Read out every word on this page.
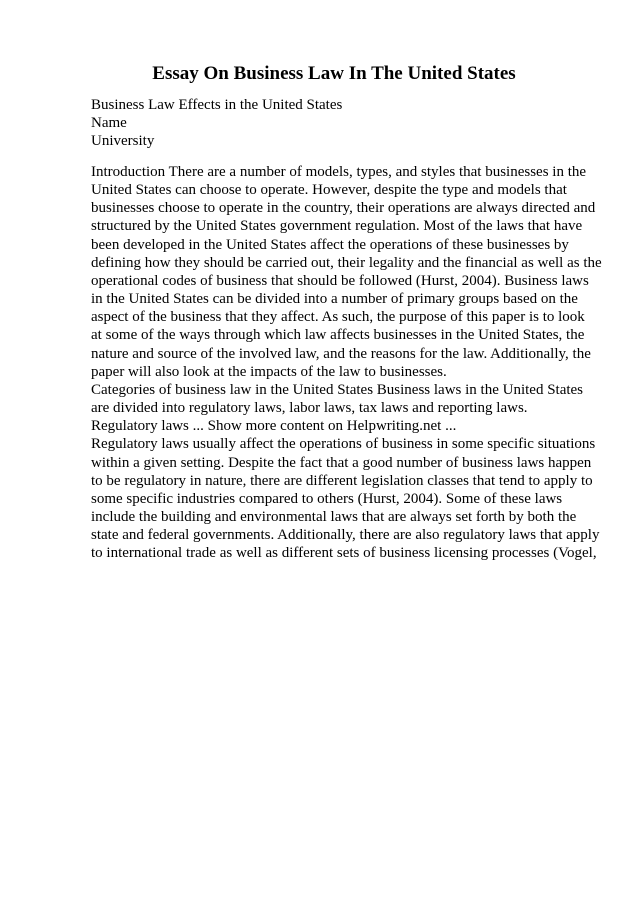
Essay On Business Law In The United States
Business Law Effects in the United States
Name
University
Introduction There are a number of models, types, and styles that businesses in the
United States can choose to operate. However, despite the type and models that
businesses choose to operate in the country, their operations are always directed and
structured by the United States government regulation. Most of the laws that have
been developed in the United States affect the operations of these businesses by
defining how they should be carried out, their legality and the financial as well as the
operational codes of business that should be followed (Hurst, 2004). Business laws
in the United States can be divided into a number of primary groups based on the
aspect of the business that they affect. As such, the purpose of this paper is to look
at some of the ways through which law affects businesses in the United States, the
nature and source of the involved law, and the reasons for the law. Additionally, the
paper will also look at the impacts of the law to businesses.
Categories of business law in the United States Business laws in the United States
are divided into regulatory laws, labor laws, tax laws and reporting laws.
Regulatory laws ... Show more content on Helpwriting.net ...
Regulatory laws usually affect the operations of business in some specific situations
within a given setting. Despite the fact that a good number of business laws happen
to be regulatory in nature, there are different legislation classes that tend to apply to
some specific industries compared to others (Hurst, 2004). Some of these laws
include the building and environmental laws that are always set forth by both the
state and federal governments. Additionally, there are also regulatory laws that apply
to international trade as well as different sets of business licensing processes (Vogel,
